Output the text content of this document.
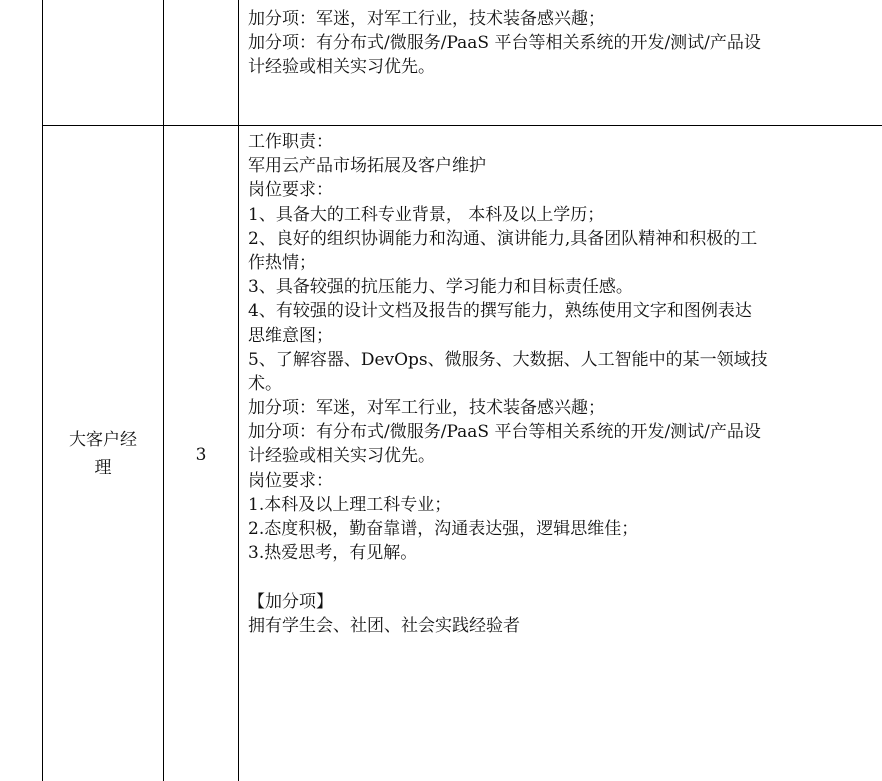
加分项：军迷，对军工行业，技术装备感兴趣；
加分项：有分布式/微服务/PaaS 平台等相关系统的开发/测试/产品设
计经验或相关实习优先。
大客户经
理
3
工作职责：
军用云产品市场拓展及客户维护
岗位要求：
1、具备大的工科专业背景， 本科及以上学历；
2、良好的组织协调能力和沟通、演讲能力,具备团队精神和积极的工
作热情；
3、具备较强的抗压能力、学习能力和目标责任感。
4、有较强的设计文档及报告的撰写能力，熟练使用文字和图例表达
思维意图；
5、了解容器、DevOps、微服务、大数据、人工智能中的某一领域技
术。
加分项：军迷，对军工行业，技术装备感兴趣；
加分项：有分布式/微服务/PaaS 平台等相关系统的开发/测试/产品设
计经验或相关实习优先。
岗位要求：
1.本科及以上理工科专业；
2.态度积极，勤奋靠谱，沟通表达强，逻辑思维佳；
3.热爱思考，有见解。
【加分项】
拥有学生会、社团、社会实践经验者
